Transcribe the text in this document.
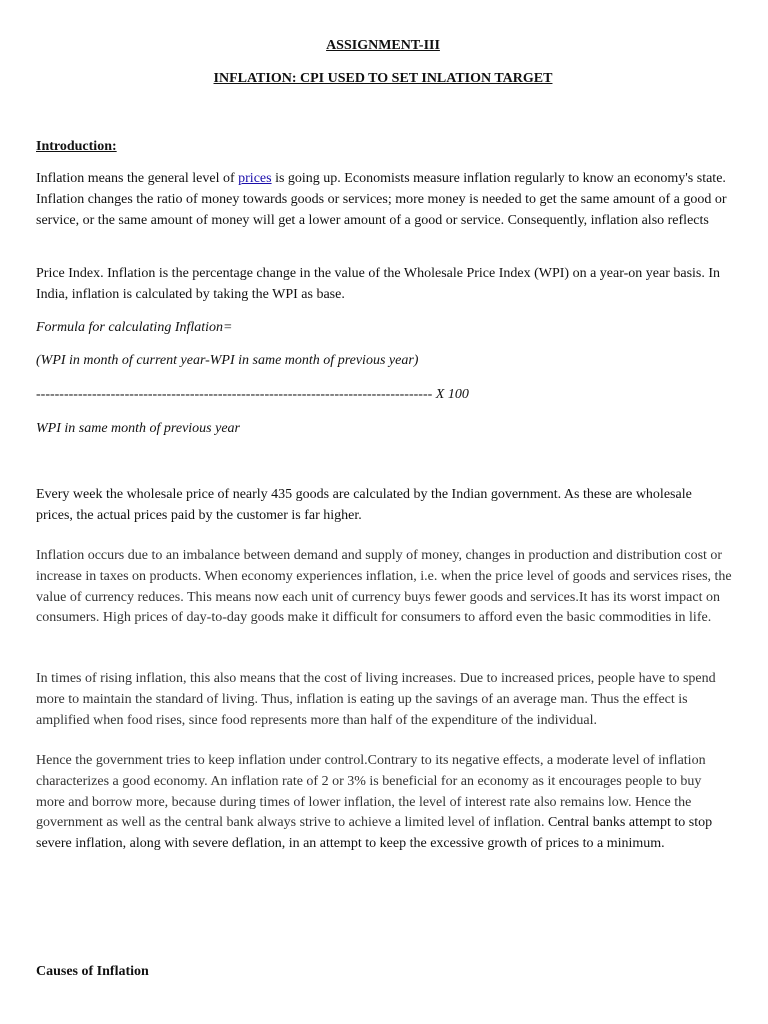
ASSIGNMENT-III
INFLATION: CPI USED TO SET INLATION TARGET
Introduction:

Inflation means the general level of prices is going up. Economists measure inflation regularly to know an economy's state. Inflation changes the ratio of money towards goods or services; more money is needed to get the same amount of a good or service, or the same amount of money will get a lower amount of a good or service. Consequently, inflation also reflects

Price Index. Inflation is the percentage change in the value of the Wholesale Price Index (WPI) on a year-on year basis. In India, inflation is calculated by taking the WPI as base.

Formula for calculating Inflation=

(WPI in month of current year-WPI in same month of previous year)

------------------------------------------------------------------------------------- X 100

WPI in same month of previous year

Every week the wholesale price of nearly 435 goods are calculated by the Indian government. As these are wholesale prices, the actual prices paid by the customer is far higher.

Inflation occurs due to an imbalance between demand and supply of money, changes in production and distribution cost or increase in taxes on products. When economy experiences inflation, i.e. when the price level of goods and services rises, the value of currency reduces. This means now each unit of currency buys fewer goods and services.It has its worst impact on consumers. High prices of day-to-day goods make it difficult for consumers to afford even the basic commodities in life.

In times of rising inflation, this also means that the cost of living increases. Due to increased prices, people have to spend more to maintain the standard of living. Thus, inflation is eating up the savings of an average man. Thus the effect is amplified when food rises, since food represents more than half of the expenditure of the individual.

Hence the government tries to keep inflation under control.Contrary to its negative effects, a moderate level of inflation characterizes a good economy. An inflation rate of 2 or 3% is beneficial for an economy as it encourages people to buy more and borrow more, because during times of lower inflation, the level of interest rate also remains low. Hence the government as well as the central bank always strive to achieve a limited level of inflation. Central banks attempt to stop severe inflation, along with severe deflation, in an attempt to keep the excessive growth of prices to a minimum.

Causes of Inflation
